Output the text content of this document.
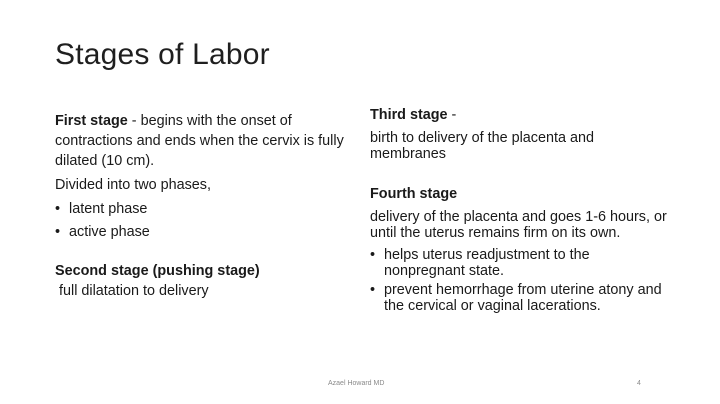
Stages of Labor

First stage - begins with the onset of contractions and ends when the cervix is fully dilated (10 cm).

Divided into two phases,

• latent phase
• active phase

Second stage (pushing stage)

full dilatation to delivery

Third stage -

birth to delivery of the placenta and membranes

Fourth stage

delivery of the placenta and goes 1-6 hours, or until the uterus remains firm on its own.

• helps uterus readjustment to the nonpregnant state.
• prevent hemorrhage from uterine atony and the cervical or vaginal lacerations.
Azael Howard MD	4
